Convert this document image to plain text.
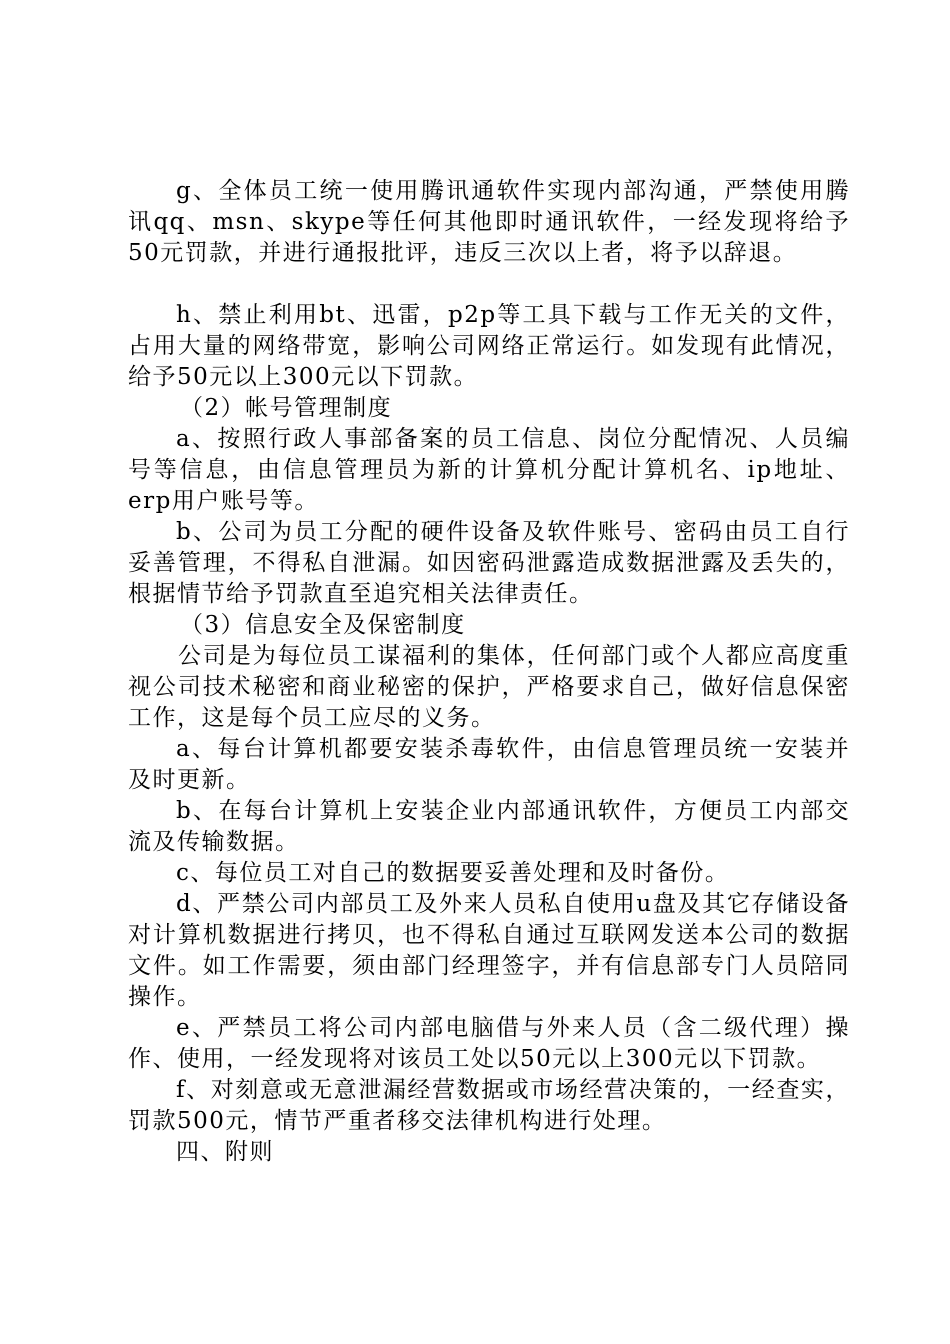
g、全体员工统一使用腾讯通软件实现内部沟通，严禁使用腾讯qq、msn、skype等任何其他即时通讯软件，一经发现将给予50元罚款，并进行通报批评，违反三次以上者，将予以辞退。

h、禁止利用bt、迅雷，p2p等工具下载与工作无关的文件，占用大量的网络带宽，影响公司网络正常运行。如发现有此情况，给予50元以上300元以下罚款。

（2）帐号管理制度

a、按照行政人事部备案的员工信息、岗位分配情况、人员编号等信息，由信息管理员为新的计算机分配计算机名、ip地址、erp用户账号等。

b、公司为员工分配的硬件设备及软件账号、密码由员工自行妥善管理，不得私自泄漏。如因密码泄露造成数据泄露及丢失的，根据情节给予罚款直至追究相关法律责任。

（3）信息安全及保密制度

公司是为每位员工谋福利的集体，任何部门或个人都应高度重视公司技术秘密和商业秘密的保护，严格要求自己，做好信息保密工作，这是每个员工应尽的义务。

a、每台计算机都要安装杀毒软件，由信息管理员统一安装并及时更新。

b、在每台计算机上安装企业内部通讯软件，方便员工内部交流及传输数据。

c、每位员工对自己的数据要妥善处理和及时备份。

d、严禁公司内部员工及外来人员私自使用u盘及其它存储设备对计算机数据进行拷贝，也不得私自通过互联网发送本公司的数据文件。如工作需要，须由部门经理签字，并有信息部专门人员陪同操作。

e、严禁员工将公司内部电脑借与外来人员（含二级代理）操作、使用，一经发现将对该员工处以50元以上300元以下罚款。

f、对刻意或无意泄漏经营数据或市场经营决策的，一经查实，罚款500元，情节严重者移交法律机构进行处理。

四、附则
